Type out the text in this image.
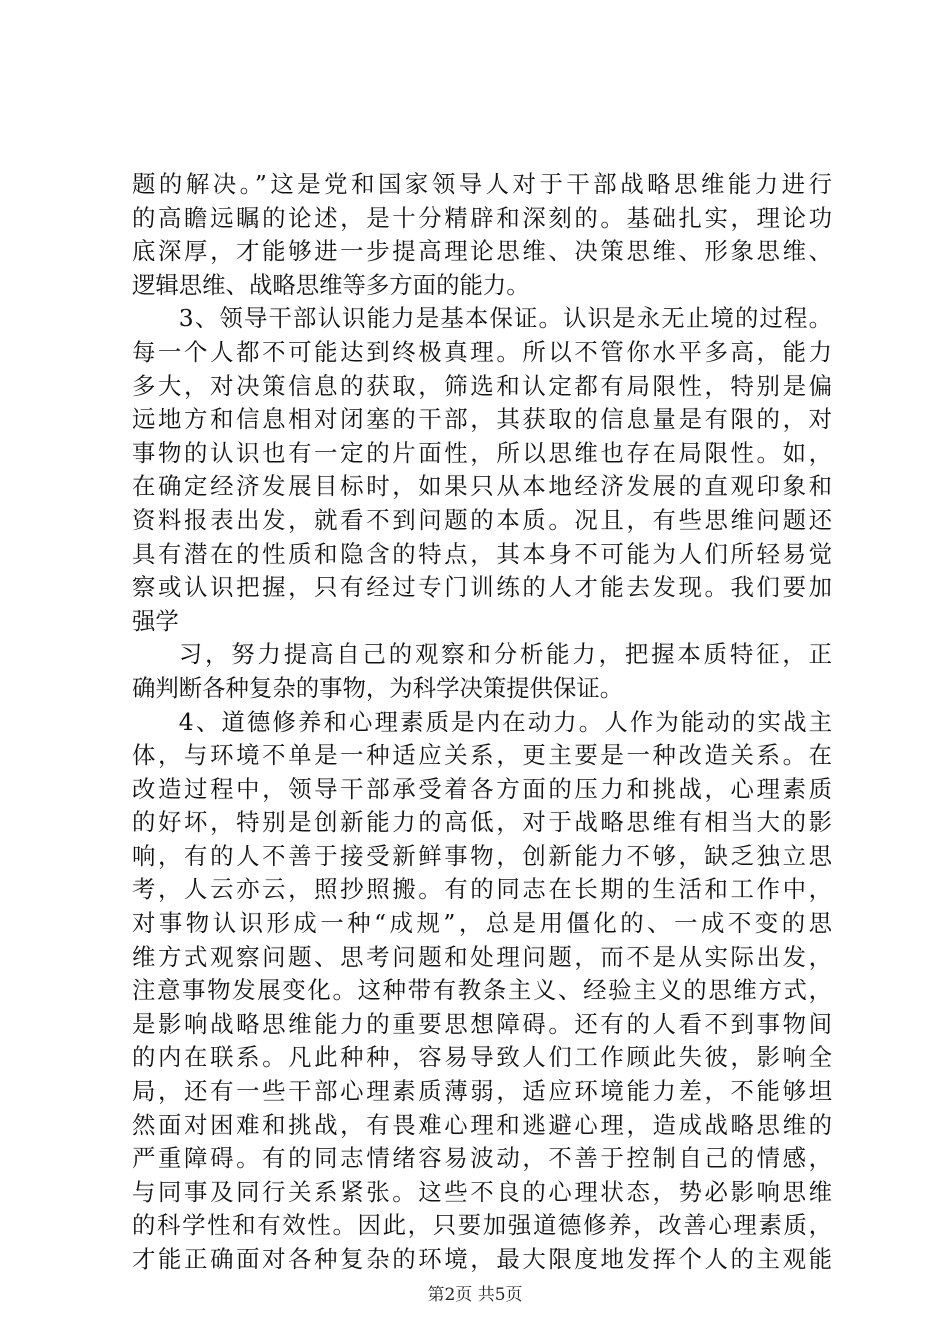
题的解决。”这是党和国家领导人对于干部战略思维能力进行
的高瞻远瞩的论述，是十分精辟和深刻的。基础扎实，理论功
底深厚，才能够进一步提高理论思维、决策思维、形象思维、
逻辑思维、战略思维等多方面的能力。
3、领导干部认识能力是基本保证。认识是永无止境的过程。
每一个人都不可能达到终极真理。所以不管你水平多高，能力
多大，对决策信息的获取，筛选和认定都有局限性，特别是偏
远地方和信息相对闭塞的干部，其获取的信息量是有限的，对
事物的认识也有一定的片面性，所以思维也存在局限性。如，
在确定经济发展目标时，如果只从本地经济发展的直观印象和
资料报表出发，就看不到问题的本质。况且，有些思维问题还
具有潜在的性质和隐含的特点，其本身不可能为人们所轻易觉
察或认识把握，只有经过专门训练的人才能去发现。我们要加
强学
习，努力提高自己的观察和分析能力，把握本质特征，正
确判断各种复杂的事物，为科学决策提供保证。
4、道德修养和心理素质是内在动力。人作为能动的实战主
体，与环境不单是一种适应关系，更主要是一种改造关系。在
改造过程中，领导干部承受着各方面的压力和挑战，心理素质
的好坏，特别是创新能力的高低，对于战略思维有相当大的影
响，有的人不善于接受新鲜事物，创新能力不够，缺乏独立思
考，人云亦云，照抄照搬。有的同志在长期的生活和工作中，
对事物认识形成一种“成规”，总是用僵化的、一成不变的思
维方式观察问题、思考问题和处理问题，而不是从实际出发，
注意事物发展变化。这种带有教条主义、经验主义的思维方式，
是影响战略思维能力的重要思想障碍。还有的人看不到事物间
的内在联系。凡此种种，容易导致人们工作顾此失彼，影响全
局，还有一些干部心理素质薄弱，适应环境能力差，不能够坦
然面对困难和挑战，有畏难心理和逃避心理，造成战略思维的
严重障碍。有的同志情绪容易波动，不善于控制自己的情感，
与同事及同行关系紧张。这些不良的心理状态，势必影响思维
的科学性和有效性。因此，只要加强道德修养，改善心理素质，
才能正确面对各种复杂的环境，最大限度地发挥个人的主观能
第2页 共5页
